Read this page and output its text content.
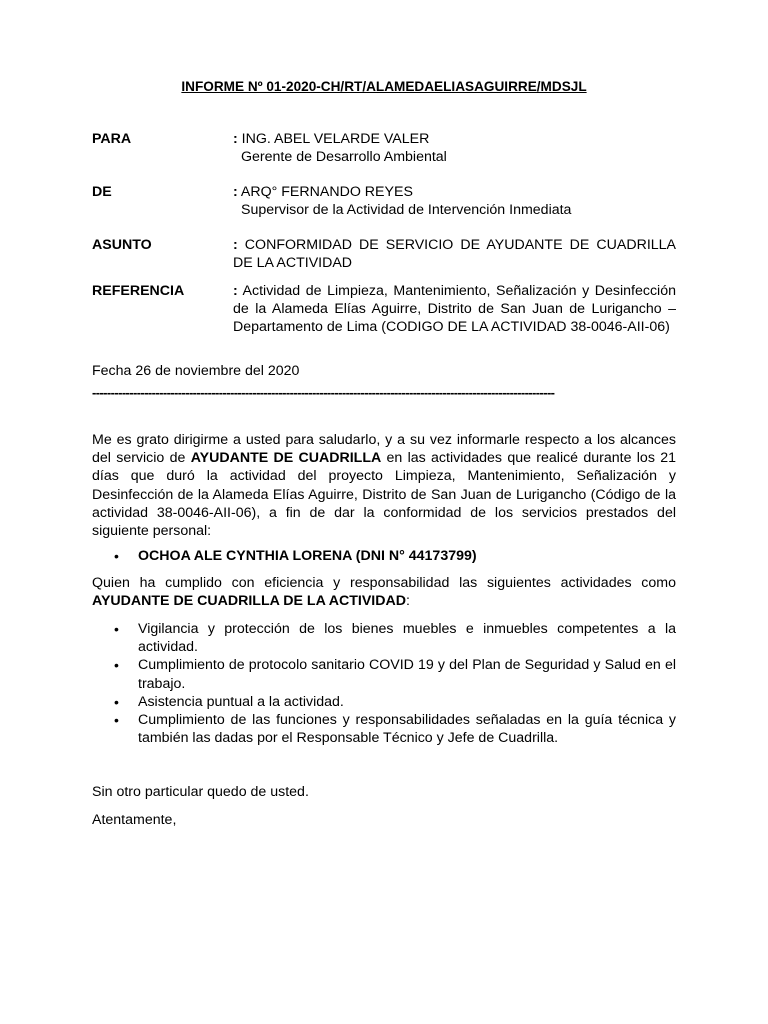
INFORME Nº 01-2020-CH/RT/ALAMEDAELIASAGUIRRE/MDSJL
PARA	: ING. ABEL VELARDE VALER
Gerente de Desarrollo Ambiental
DE	: ARQ° FERNANDO REYES
Supervisor de la Actividad de Intervención Inmediata
ASUNTO	: CONFORMIDAD DE SERVICIO DE AYUDANTE DE CUADRILLA DE LA ACTIVIDAD
REFERENCIA	: Actividad de Limpieza, Mantenimiento, Señalización y Desinfección de la Alameda Elías Aguirre, Distrito de San Juan de Lurigancho – Departamento de Lima (CODIGO DE LA ACTIVIDAD 38-0046-AII-06)
Fecha 26 de noviembre del 2020
----------------------------------------------------------------------------------------------------------------------------
Me es grato dirigirme a usted para saludarlo, y a su vez informarle respecto a los alcances del servicio de AYUDANTE DE CUADRILLA en las actividades que realicé durante los 21 días que duró la actividad del proyecto Limpieza, Mantenimiento, Señalización y Desinfección de la Alameda Elías Aguirre, Distrito de San Juan de Lurigancho (Código de la actividad 38-0046-AII-06), a fin de dar la conformidad de los servicios prestados del siguiente personal:
• OCHOA ALE CYNTHIA LORENA (DNI N° 44173799)
Quien ha cumplido con eficiencia y responsabilidad las siguientes actividades como AYUDANTE DE CUADRILLA DE LA ACTIVIDAD:
• Vigilancia y protección de los bienes muebles e inmuebles competentes a la actividad.
• Cumplimiento de protocolo sanitario COVID 19 y del Plan de Seguridad y Salud en el trabajo.
• Asistencia puntual a la actividad.
• Cumplimiento de las funciones y responsabilidades señaladas en la guía técnica y también las dadas por el Responsable Técnico y Jefe de Cuadrilla.
Sin otro particular quedo de usted.
Atentamente,
